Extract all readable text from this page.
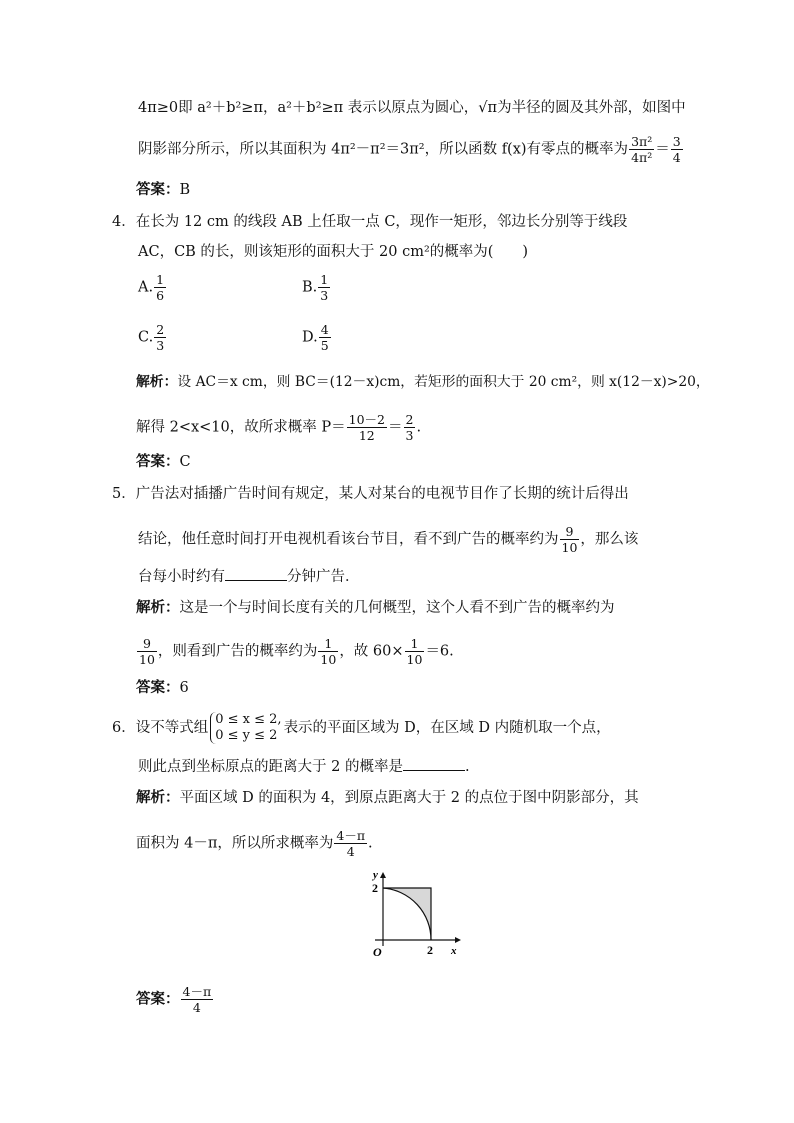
4π≥0即 a²＋b²≥π，a²＋b²≥π 表示以原点为圆心，√π为半径的圆及其外部，如图中
阴影部分所示，所以其面积为 4π²－π²＝3π²，所以函数 f(x)有零点的概率为 $\frac{\text{3π²}}{\text{4π²}} = \frac{3}{4}$
答案：B
4．在长为 12 cm 的线段 AB 上任取一点 C，现作一矩形，邻边长分别等于线段
AC，CB 的长，则该矩形的面积大于 20 cm²的概率为(　　)
A. $\frac{1}{6}$	B. $\frac{1}{3}$
C. $\frac{2}{3}$	D. $\frac{4}{5}$
解析：设 AC＝x cm，则 BC＝(12－x)cm，若矩形的面积大于 20 cm²，则 x(12－x)>20，
解得 2<x<10，故所求概率 $P= \frac{10-2}{12} = \frac{2}{3}$ .
答案：C
5．广告法对插播广告时间有规定，某人对某台的电视节目作了长期的统计后得出
结论，他任意时间打开电视机看该台节目，看不到广告的概率约为 $\frac{9}{10}$ ，那么该
台每小时约有	分钟广告．
解析：这是一个与时间长度有关的几何概型，这个人看不到广告的概率约为
$\frac{9}{10}$ ，则看到广告的概率约为 $\frac{1}{10}$ ，故 $60\times \frac{1}{10} =6$.
答案：6
6．设不等式组
0 ≤ x ≤ 2,
0 ≤ y ≤ 2 表示的平面区域为 D，在区域 D 内随机取一个点，
则此点到坐标原点的距离大于 2 的概率是	.
解析：平面区域 D 的面积为 4，到原点距离大于 2 的点位于图中阴影部分，其
面积为 4－π，所以所求概率为 $\frac{4-\pi}{4}$ .
y
2
O	2 x
答案： $\frac{4-\pi}{4}$
